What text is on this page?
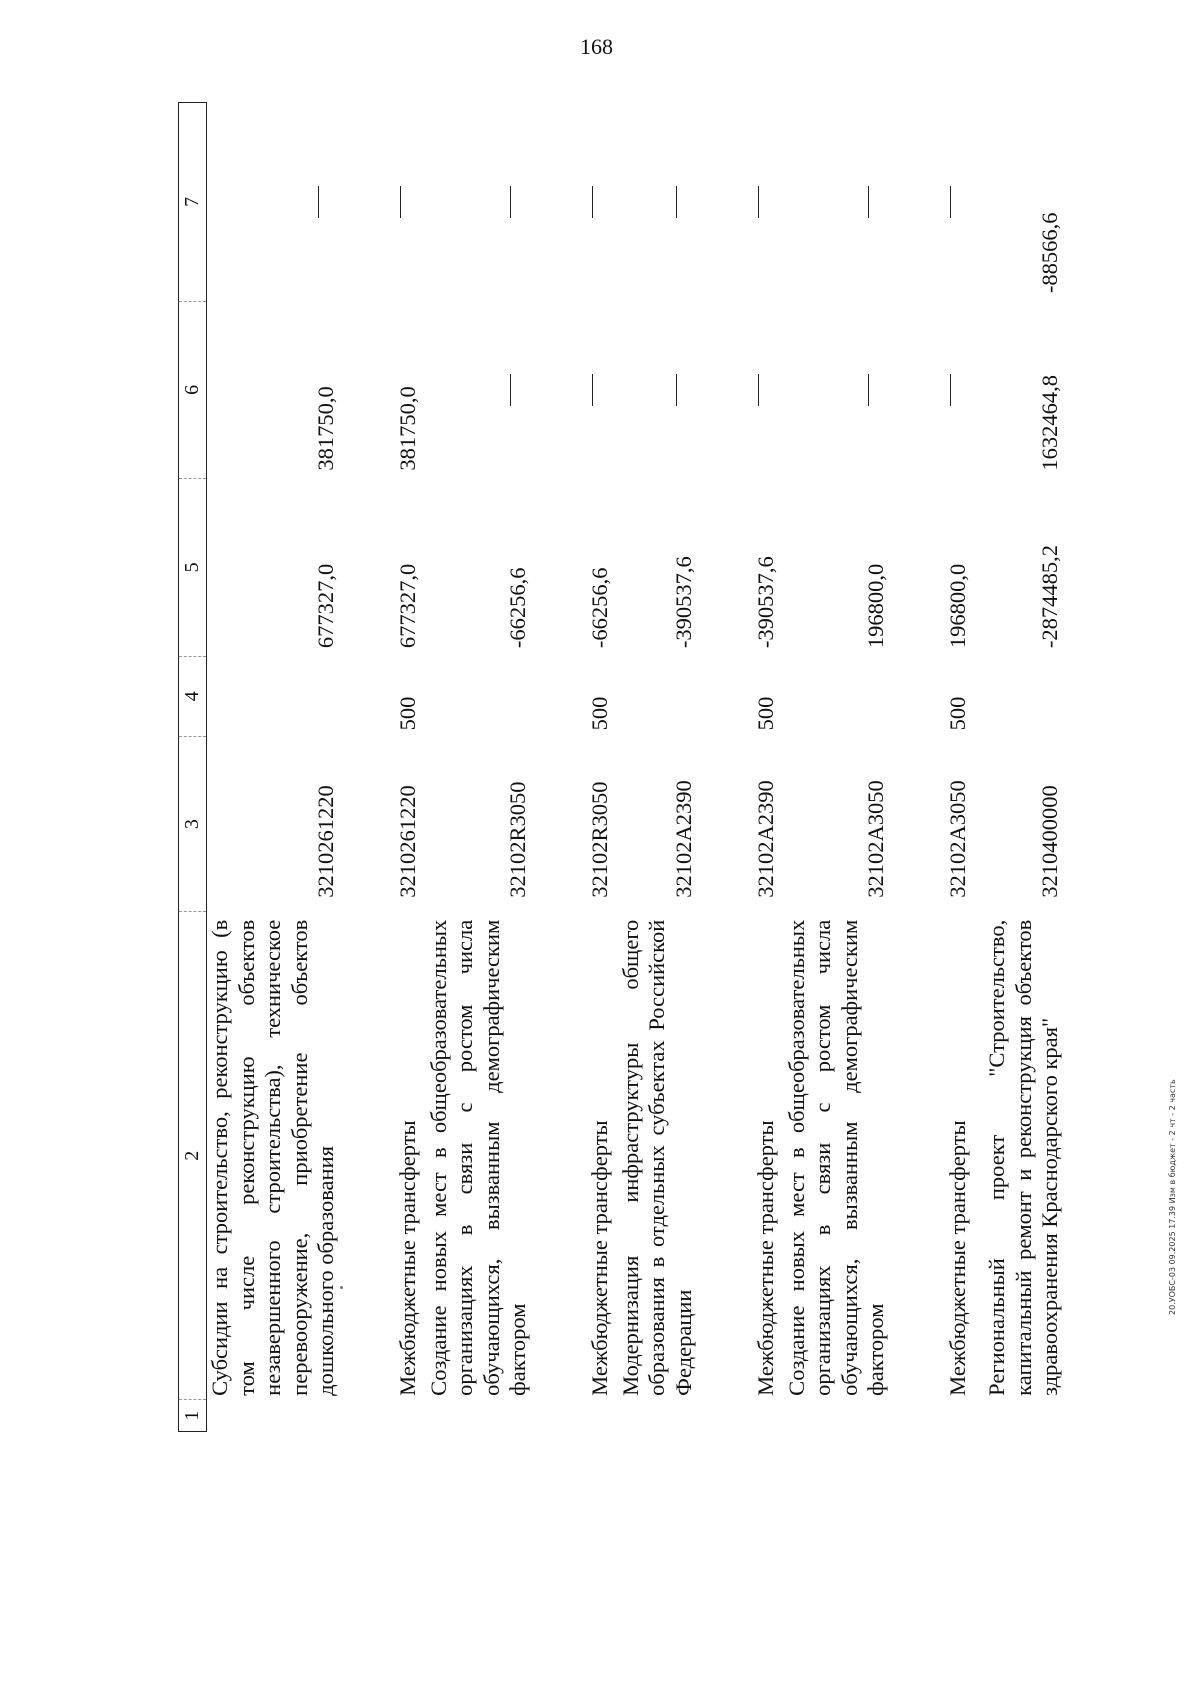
168
1	2	3	4	5	6	7
	Субсидии на строительство, реконструкцию (в том числе реконструкцию объектов незавершенного строительства), техническое перевооружение, приобретение объектов дошкольного образования	3210261220		677327,0	381750,0	
	Межбюджетные трансферты	3210261220	500	677327,0	381750,0	
	Создание новых мест в общеобразовательных организациях в связи с ростом числа обучающихся, вызванным демографическим фактором	32102R3050		-66256,6		
	Межбюджетные трансферты	32102R3050	500	-66256,6		
	Модернизация инфраструктуры общего образования в отдельных субъектах Российской Федерации	32102A2390		-390537,6		
	Межбюджетные трансферты	32102A2390	500	-390537,6		
	Создание новых мест в общеобразовательных организациях в связи с ростом числа обучающихся, вызванным демографическим фактором	32102A3050		196800,0		
	Межбюджетные трансферты	32102A3050	500	196800,0		
	Региональный проект "Строительство, капитальный ремонт и реконструкция объектов здравоохранения Краснодарского края"	3210400000		-2874485,2	1632464,8	-88566,6
20.УОБС-03 09.2025 17.39 Изм в бюджет - 2 чт - 2 часть
